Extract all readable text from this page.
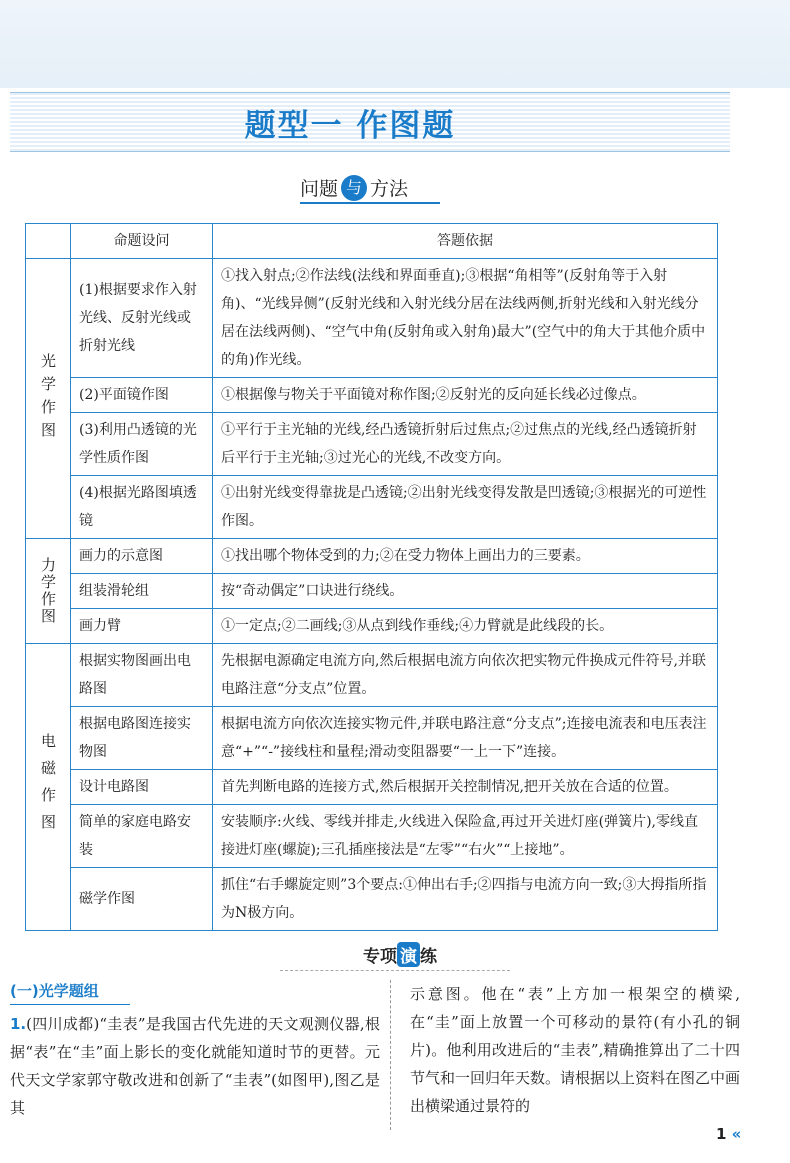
题型一 作图题
问题 与 方法
	命题设问	答题依据
光学作图	(1)根据要求作入射光线、反射光线或折射光线	①找入射点;②作法线(法线和界面垂直);③根据“角相等”(反射角等于入射角)、“光线异侧”(反射光线和入射光线分居在法线两侧,折射光线和入射光线分居在法线两侧)、“空气中角(反射角或入射角)最大”(空气中的角大于其他介质中的角)作光线。
	(2)平面镜作图	①根据像与物关于平面镜对称作图;②反射光的反向延长线必过像点。
	(3)利用凸透镜的光学性质作图	①平行于主光轴的光线,经凸透镜折射后过焦点;②过焦点的光线,经凸透镜折射后平行于主光轴;③过光心的光线,不改变方向。
	(4)根据光路图填透镜	①出射光线变得靠拢是凸透镜;②出射光线变得发散是凹透镜;③根据光的可逆性作图。
力学作图	画力的示意图	①找出哪个物体受到的力;②在受力物体上画出力的三要素。
	组装滑轮组	按“奇动偶定”口诀进行绕线。
	画力臂	①一定点;②二画线;③从点到线作垂线;④力臂就是此线段的长。
电磁作图	根据实物图画出电路图	先根据电源确定电流方向,然后根据电流方向依次把实物元件换成元件符号,并联电路注意“分支点”位置。
	根据电路图连接实物图	根据电流方向依次连接实物元件,并联电路注意“分支点”;连接电流表和电压表注意“+”“-”接线柱和量程;滑动变阻器要“一上一下”连接。
	设计电路图	首先判断电路的连接方式,然后根据开关控制情况,把开关放在合适的位置。
	简单的家庭电路安装	安装顺序:火线、零线并排走,火线进入保险盒,再过开关进灯座(弹簧片),零线直接进灯座(螺旋);三孔插座接法是“左零”“右火”“上接地”。
	磁学作图	抓住“右手螺旋定则”3个要点:①伸出右手;②四指与电流方向一致;③大拇指所指为N极方向。
专项 演 练
(一)光学题组
1.(四川成都)“圭表”是我国古代先进的天文观测仪器,根据“表”在“圭”面上影长的变化就能知道时节的更替。元代天文学家郭守敬改进和创新了“圭表”(如图甲),图乙是其
示意图。他在“表”上方加一根架空的横梁,在“圭”面上放置一个可移动的景符(有小孔的铜片)。他利用改进后的“圭表”,精确推算出了二十四节气和一回归年天数。请根据以上资料在图乙中画出横梁通过景符的
1 «
